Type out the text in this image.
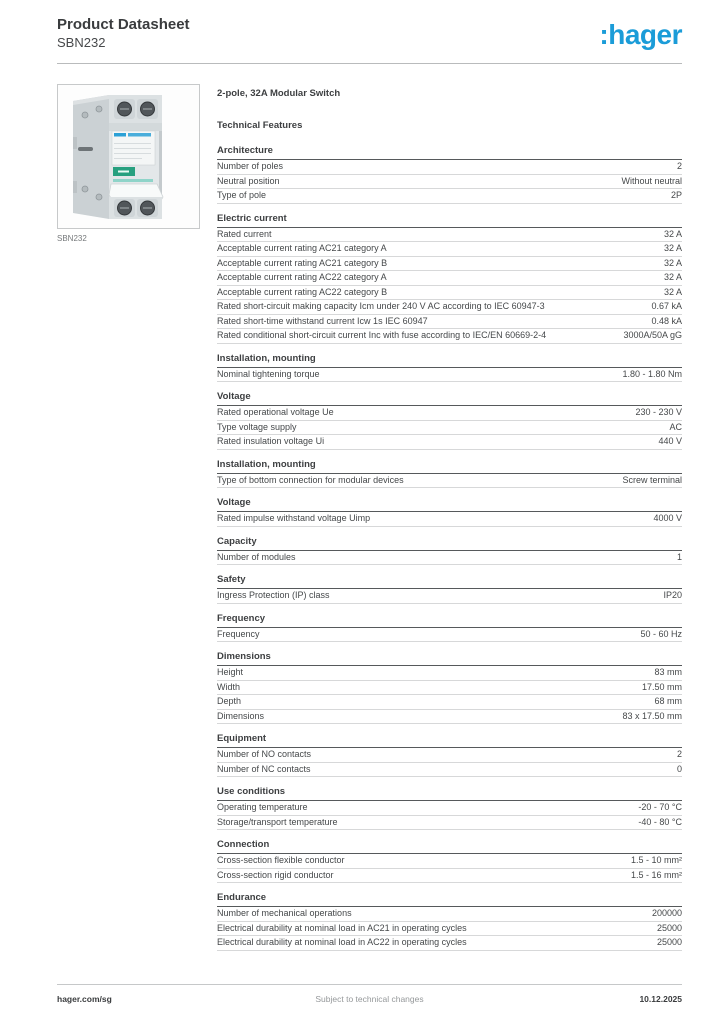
Product Datasheet
SBN232	:hager
SBN232
2-pole, 32A Modular Switch
Technical Features
Architecture
Number of poles	2
Neutral position	Without neutral
Type of pole	2P
Electric current
Rated current	32 A
Acceptable current rating AC21 category A	32 A
Acceptable current rating AC21 category B	32 A
Acceptable current rating AC22 category A	32 A
Acceptable current rating AC22 category B	32 A
Rated short-circuit making capacity Icm under 240 V AC according to IEC 60947-3	0.67 kA
Rated short-time withstand current Icw 1s IEC 60947	0.48 kA
Rated conditional short-circuit current Inc with fuse according to IEC/EN 60669-2-4	3000A/50A gG
Installation, mounting
Nominal tightening torque	1.80 - 1.80 Nm
Voltage
Rated operational voltage Ue	230 - 230 V
Type voltage supply	AC
Rated insulation voltage Ui	440 V
Installation, mounting
Type of bottom connection for modular devices	Screw terminal
Voltage
Rated impulse withstand voltage Uimp	4000 V
Capacity
Number of modules	1
Safety
Ingress Protection (IP) class	IP20
Frequency
Frequency	50 - 60 Hz
Dimensions
Height	83 mm
Width	17.50 mm
Depth	68 mm
Dimensions	83 x 17.50 mm
Equipment
Number of NO contacts	2
Number of NC contacts	0
Use conditions
Operating temperature	-20 - 70 °C
Storage/transport temperature	-40 - 80 °C
Connection
Cross-section flexible conductor	1.5 - 10 mm²
Cross-section rigid conductor	1.5 - 16 mm²
Endurance
Number of mechanical operations	200000
Electrical durability at nominal load in AC21 in operating cycles	25000
Electrical durability at nominal load in AC22 in operating cycles	25000
hager.com/sg	Subject to technical changes	10.12.2025
